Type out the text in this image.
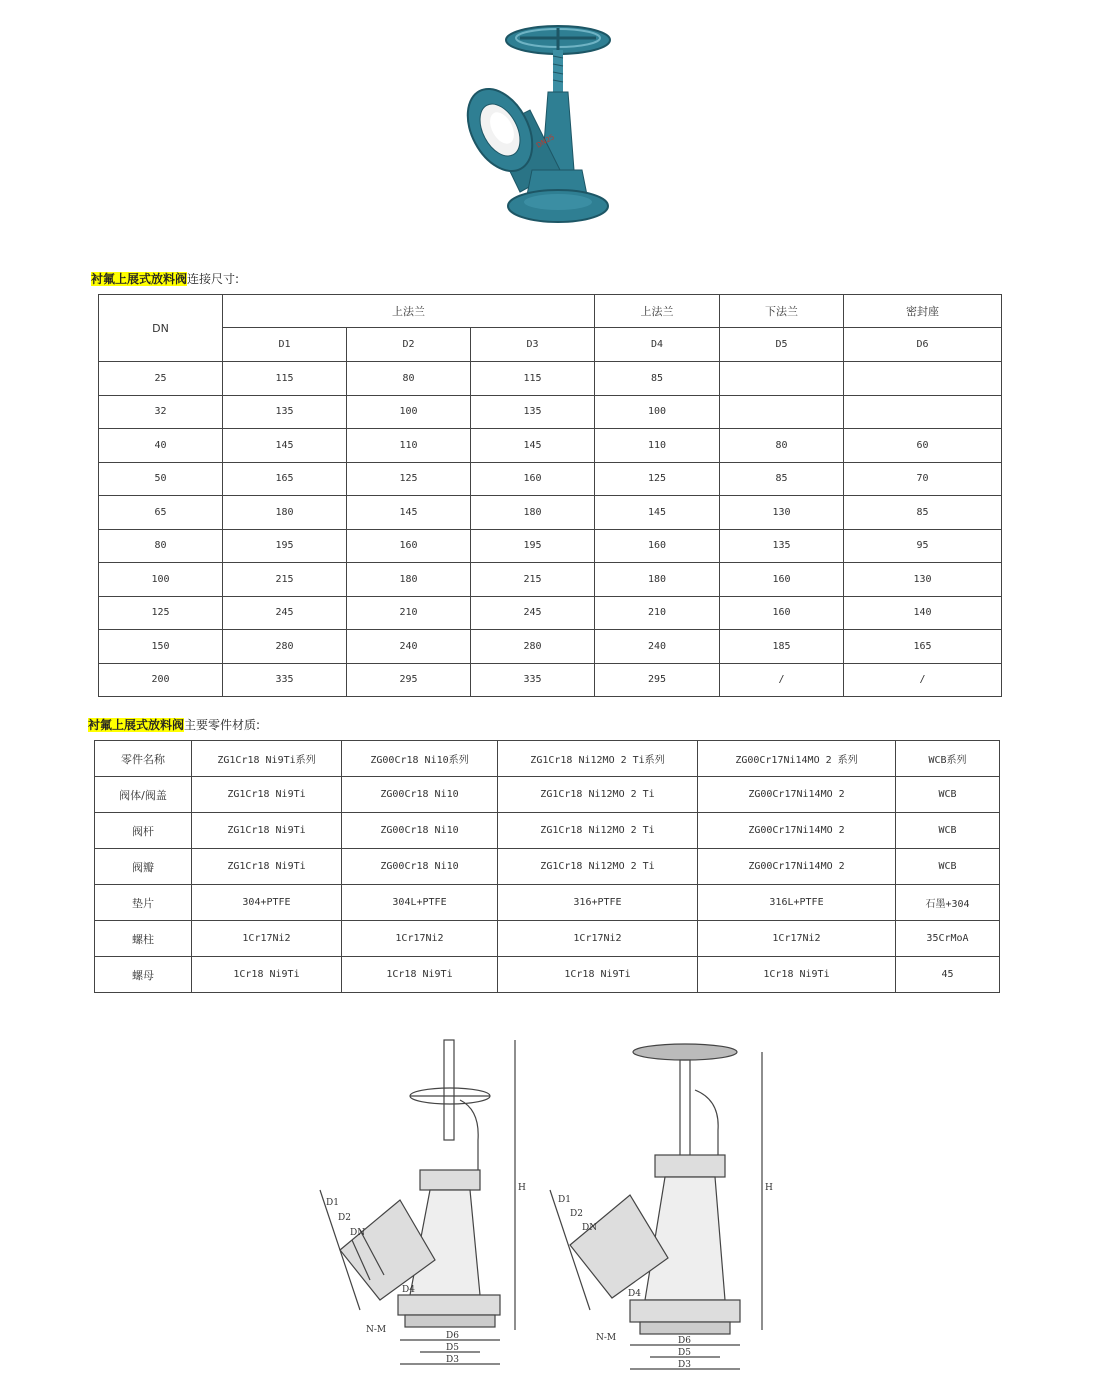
DN25
衬氟上展式放料阀连接尺寸:
DN	上法兰			上法兰	下法兰	密封座
	D1	D2	D3	D4	D5	D6
25	115	80	115	85		
32	135	100	135	100		
40	145	110	145	110	80	60
50	165	125	160	125	85	70
65	180	145	180	145	130	85
80	195	160	195	160	135	95
100	215	180	215	180	160	130
125	245	210	245	210	160	140
150	280	240	280	240	185	165
200	335	295	335	295	/	/
衬氟上展式放料阀主要零件材质:
零件名称	ZG1Cr18 Ni9Ti系列	ZG00Cr18 Ni10系列	ZG1Cr18 Ni12MO 2 Ti系列	ZG00Cr17Ni14MO 2 系列	WCB系列
阀体/阀盖	ZG1Cr18 Ni9Ti	ZG00Cr18 Ni10	ZG1Cr18 Ni12MO 2 Ti	ZG00Cr17Ni14MO 2	WCB
阀杆	ZG1Cr18 Ni9Ti	ZG00Cr18 Ni10	ZG1Cr18 Ni12MO 2 Ti	ZG00Cr17Ni14MO 2	WCB
阀瓣	ZG1Cr18 Ni9Ti	ZG00Cr18 Ni10	ZG1Cr18 Ni12MO 2 Ti	ZG00Cr17Ni14MO 2	WCB
垫片	304+PTFE	304L+PTFE	316+PTFE	316L+PTFE	石墨+304
螺柱	1Cr17Ni2	1Cr17Ni2	1Cr17Ni2	1Cr17Ni2	35CrMoA
螺母	1Cr18 Ni9Ti	1Cr18 Ni9Ti	1Cr18 Ni9Ti	1Cr18 Ni9Ti	45
D1
D2
DN
D4
D6
D5
D3
H
N-M
D1
D2
DN
D4
D6
D5
D3
H
N-M
